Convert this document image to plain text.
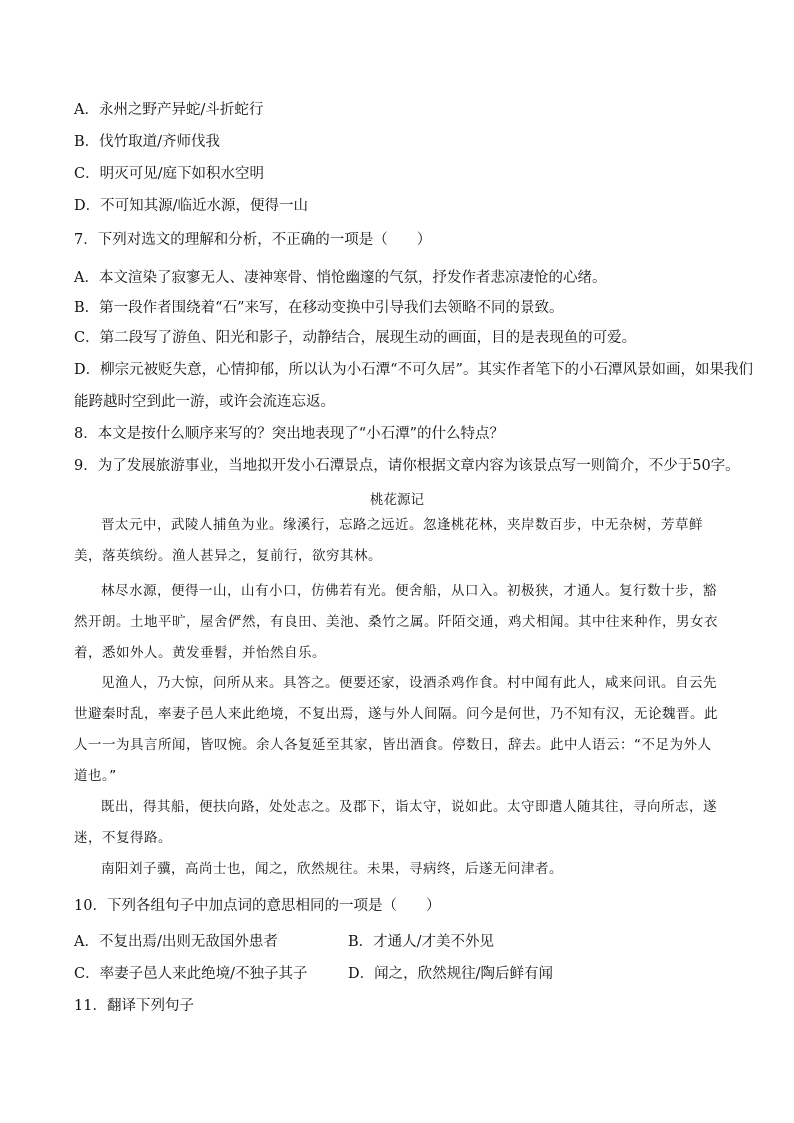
A．永州之野产异蛇/斗折蛇行
B．伐竹取道/齐师伐我
C．明灭可见/庭下如积水空明
D．不可知其源/临近水源，便得一山
7．下列对选文的理解和分析，不正确的一项是（　　）
A．本文渲染了寂寥无人、凄神寒骨、悄怆幽邃的气氛，抒发作者悲凉凄怆的心绪。
B．第一段作者围绕着“石”来写，在移动变换中引导我们去领略不同的景致。
C．第二段写了游鱼、阳光和影子，动静结合，展现生动的画面，目的是表现鱼的可爱。
D．柳宗元被贬失意，心情抑郁，所以认为小石潭“不可久居”。其实作者笔下的小石潭风景如画，如果我们
能跨越时空到此一游，或许会流连忘返。
8．本文是按什么顺序来写的？突出地表现了“小石潭”的什么特点？
9．为了发展旅游事业，当地拟开发小石潭景点，请你根据文章内容为该景点写一则简介，不少于50字。
桃花源记
晋太元中，武陵人捕鱼为业。缘溪行，忘路之远近。忽逢桃花林，夹岸数百步，中无杂树，芳草鲜美，落英缤纷。渔人甚异之，复前行，欲穷其林。
林尽水源，便得一山，山有小口，仿佛若有光。便舍船，从口入。初极狭，才通人。复行数十步，豁然开朗。土地平旷，屋舍俨然，有良田、美池、桑竹之属。阡陌交通，鸡犬相闻。其中往来种作，男女衣着，悉如外人。黄发垂髫，并怡然自乐。
见渔人，乃大惊，问所从来。具答之。便要还家，设酒杀鸡作食。村中闻有此人，咸来问讯。自云先世避秦时乱，率妻子邑人来此绝境，不复出焉，遂与外人间隔。问今是何世，乃不知有汉，无论魏晋。此人一一为具言所闻，皆叹惋。余人各复延至其家，皆出酒食。停数日，辞去。此中人语云：“不足为外人道也。”
既出，得其船，便扶向路，处处志之。及郡下，诣太守，说如此。太守即遣人随其往，寻向所志，遂迷，不复得路。
南阳刘子骥，高尚士也，闻之，欣然规往。未果，寻病终，后遂无问津者。
10．下列各组句子中加点词的意思相同的一项是（　　）
A．不复出焉/出则无敌国外患者	B．才通人/才美不外见
C．率妻子邑人来此绝境/不独子其子	D．闻之，欣然规往/陶后鲜有闻
11．翻译下列句子
